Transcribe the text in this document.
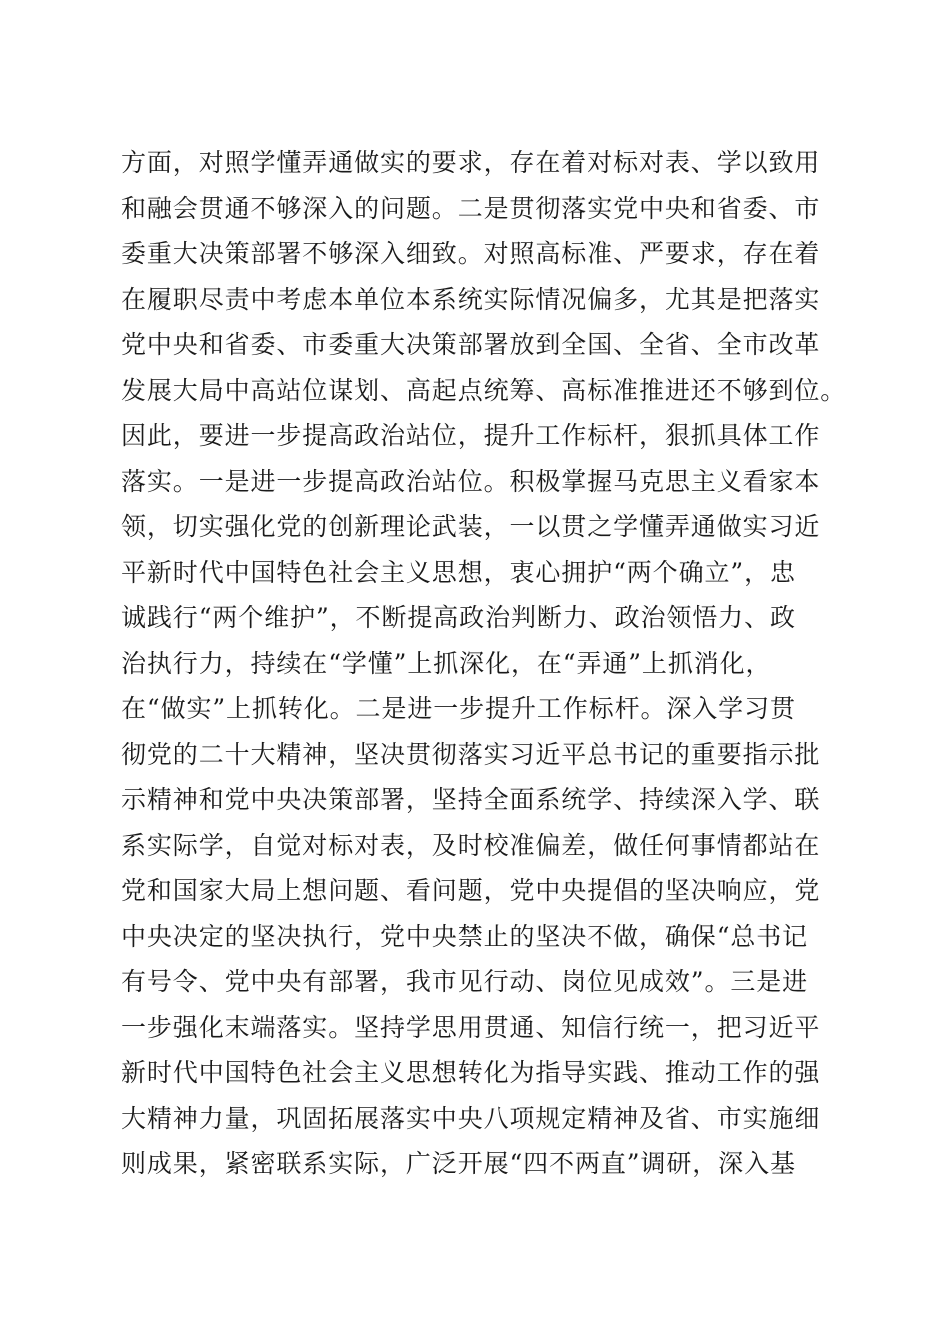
方面，对照学懂弄通做实的要求，存在着对标对表、学以致用
和融会贯通不够深入的问题。二是贯彻落实党中央和省委、市
委重大决策部署不够深入细致。对照高标准、严要求，存在着
在履职尽责中考虑本单位本系统实际情况偏多，尤其是把落实
党中央和省委、市委重大决策部署放到全国、全省、全市改革
发展大局中高站位谋划、高起点统筹、高标准推进还不够到位。
因此，要进一步提高政治站位，提升工作标杆，狠抓具体工作
落实。一是进一步提高政治站位。积极掌握马克思主义看家本
领，切实强化党的创新理论武装，一以贯之学懂弄通做实习近
平新时代中国特色社会主义思想，衷心拥护“两个确立”，忠
诚践行“两个维护”，不断提高政治判断力、政治领悟力、政
治执行力，持续在“学懂”上抓深化，在“弄通”上抓消化，
在“做实”上抓转化。二是进一步提升工作标杆。深入学习贯
彻党的二十大精神，坚决贯彻落实习近平总书记的重要指示批
示精神和党中央决策部署，坚持全面系统学、持续深入学、联
系实际学，自觉对标对表，及时校准偏差，做任何事情都站在
党和国家大局上想问题、看问题，党中央提倡的坚决响应，党
中央决定的坚决执行，党中央禁止的坚决不做，确保“总书记
有号令、党中央有部署，我市见行动、岗位见成效”。三是进
一步强化末端落实。坚持学思用贯通、知信行统一，把习近平
新时代中国特色社会主义思想转化为指导实践、推动工作的强
大精神力量，巩固拓展落实中央八项规定精神及省、市实施细
则成果，紧密联系实际，广泛开展“四不两直”调研，深入基
